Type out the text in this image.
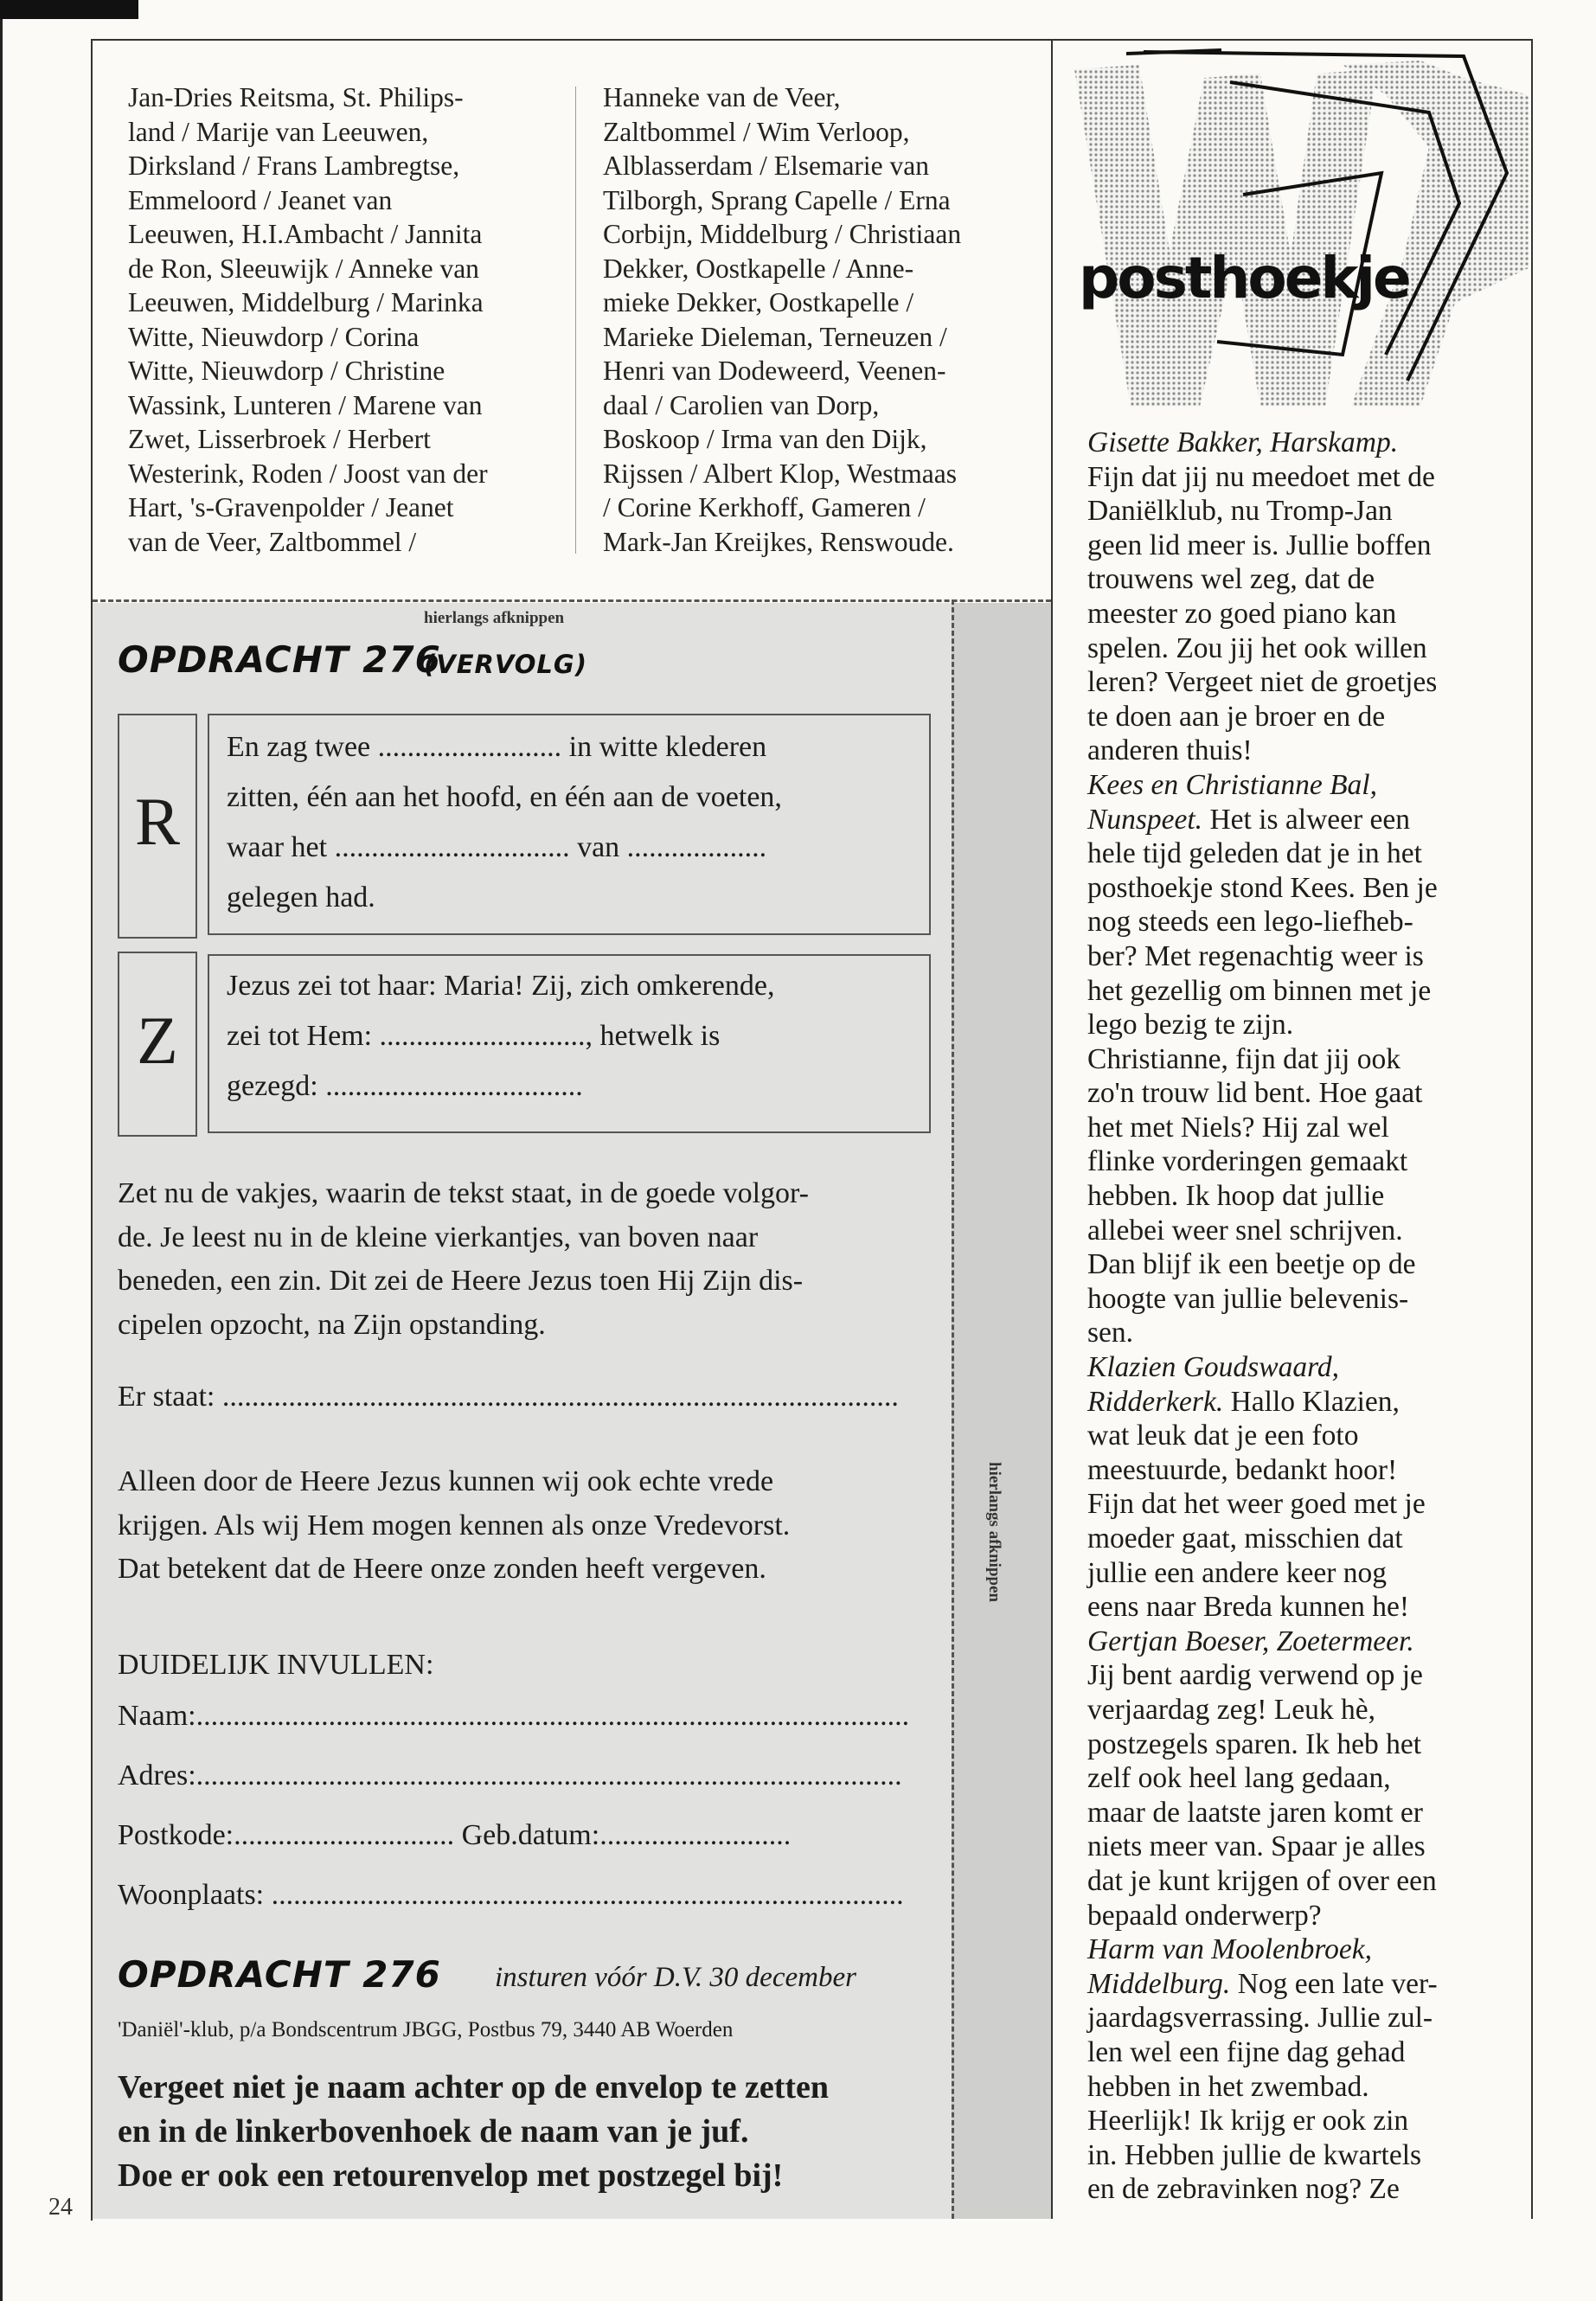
Jan-Dries Reitsma, St. Philips-

land / Marije van Leeuwen,

Dirksland / Frans Lambregtse,

Emmeloord / Jeanet van

Leeuwen, H.I.Ambacht / Jannita

de Ron, Sleeuwijk / Anneke van

Leeuwen, Middelburg / Marinka

Witte, Nieuwdorp / Corina

Witte, Nieuwdorp / Christine

Wassink, Lunteren / Marene van

Zwet, Lisserbroek / Herbert

Westerink, Roden / Joost van der

Hart, 's-Gravenpolder / Jeanet

van de Veer, Zaltbommel /

Hanneke van de Veer,

Zaltbommel / Wim Verloop,

Alblasserdam / Elsemarie van

Tilborgh, Sprang Capelle / Erna

Corbijn, Middelburg / Christiaan

Dekker, Oostkapelle / Anne-

mieke Dekker, Oostkapelle /

Marieke Dieleman, Terneuzen /

Henri van Dodeweerd, Veenen-

daal / Carolien van Dorp,

Boskoop / Irma van den Dijk,

Rijssen / Albert Klop, Westmaas

/ Corine Kerkhoff, Gameren /

Mark-Jan Kreijkes, Renswoude.

hierlangs afknippen
hierlangs afknippen
OPDRACHT 276
(VERVOLG)
R

En zag twee ......................... in witte klederen

zitten, één aan het hoofd, en één aan de voeten,

waar het ................................ van ...................

gelegen had.

Z

Jezus zei tot haar: Maria! Zij, zich omkerende,

zei tot Hem: ............................, hetwelk is

gezegd: ...................................

Zet nu de vakjes, waarin de tekst staat, in de goede volgor-

de. Je leest nu in de kleine vierkantjes, van boven naar

beneden, een zin. Dit zei de Heere Jezus toen Hij Zijn dis-

cipelen opzocht, na Zijn opstanding.

Er staat: ............................................................................................

Alleen door de Heere Jezus kunnen wij ook echte vrede

krijgen. Als wij Hem mogen kennen als onze Vredevorst.

Dat betekent dat de Heere onze zonden heeft vergeven.

DUIDELIJK INVULLEN:

Naam:.................................................................................................

Adres:................................................................................................

Postkode:.............................. Geb.datum:..........................

Woonplaats: ......................................................................................

OPDRACHT 276 insturen vóór D.V. 30 december
'Daniël'-klub, p/a Bondscentrum JBGG, Postbus 79, 3440 AB Woerden

Vergeet niet je naam achter op de envelop te zetten

en in de linkerbovenhoek de naam van je juf.

Doe er ook een retourenvelop met postzegel bij!

24
posthoekje

Gisette Bakker, Harskamp.

Fijn dat jij nu meedoet met de

Daniëlklub, nu Tromp-Jan

geen lid meer is. Jullie boffen

trouwens wel zeg, dat de

meester zo goed piano kan

spelen. Zou jij het ook willen

leren? Vergeet niet de groetjes

te doen aan je broer en de

anderen thuis!

Kees en Christianne Bal,

Nunspeet. Het is alweer een

hele tijd geleden dat je in het

posthoekje stond Kees. Ben je

nog steeds een lego-liefheb-

ber? Met regenachtig weer is

het gezellig om binnen met je

lego bezig te zijn.

Christianne, fijn dat jij ook

zo'n trouw lid bent. Hoe gaat

het met Niels? Hij zal wel

flinke vorderingen gemaakt

hebben. Ik hoop dat jullie

allebei weer snel schrijven.

Dan blijf ik een beetje op de

hoogte van jullie belevenis-

sen.

Klazien Goudswaard,

Ridderkerk. Hallo Klazien,

wat leuk dat je een foto

meestuurde, bedankt hoor!

Fijn dat het weer goed met je

moeder gaat, misschien dat

jullie een andere keer nog

eens naar Breda kunnen he!

Gertjan Boeser, Zoetermeer.

Jij bent aardig verwend op je

verjaardag zeg! Leuk hè,

postzegels sparen. Ik heb het

zelf ook heel lang gedaan,

maar de laatste jaren komt er

niets meer van. Spaar je alles

dat je kunt krijgen of over een

bepaald onderwerp?

Harm van Moolenbroek,

Middelburg. Nog een late ver-

jaardagsverrassing. Jullie zul-

len wel een fijne dag gehad

hebben in het zwembad.

Heerlijk! Ik krijg er ook zin

in. Hebben jullie de kwartels

en de zebravinken nog? Ze
